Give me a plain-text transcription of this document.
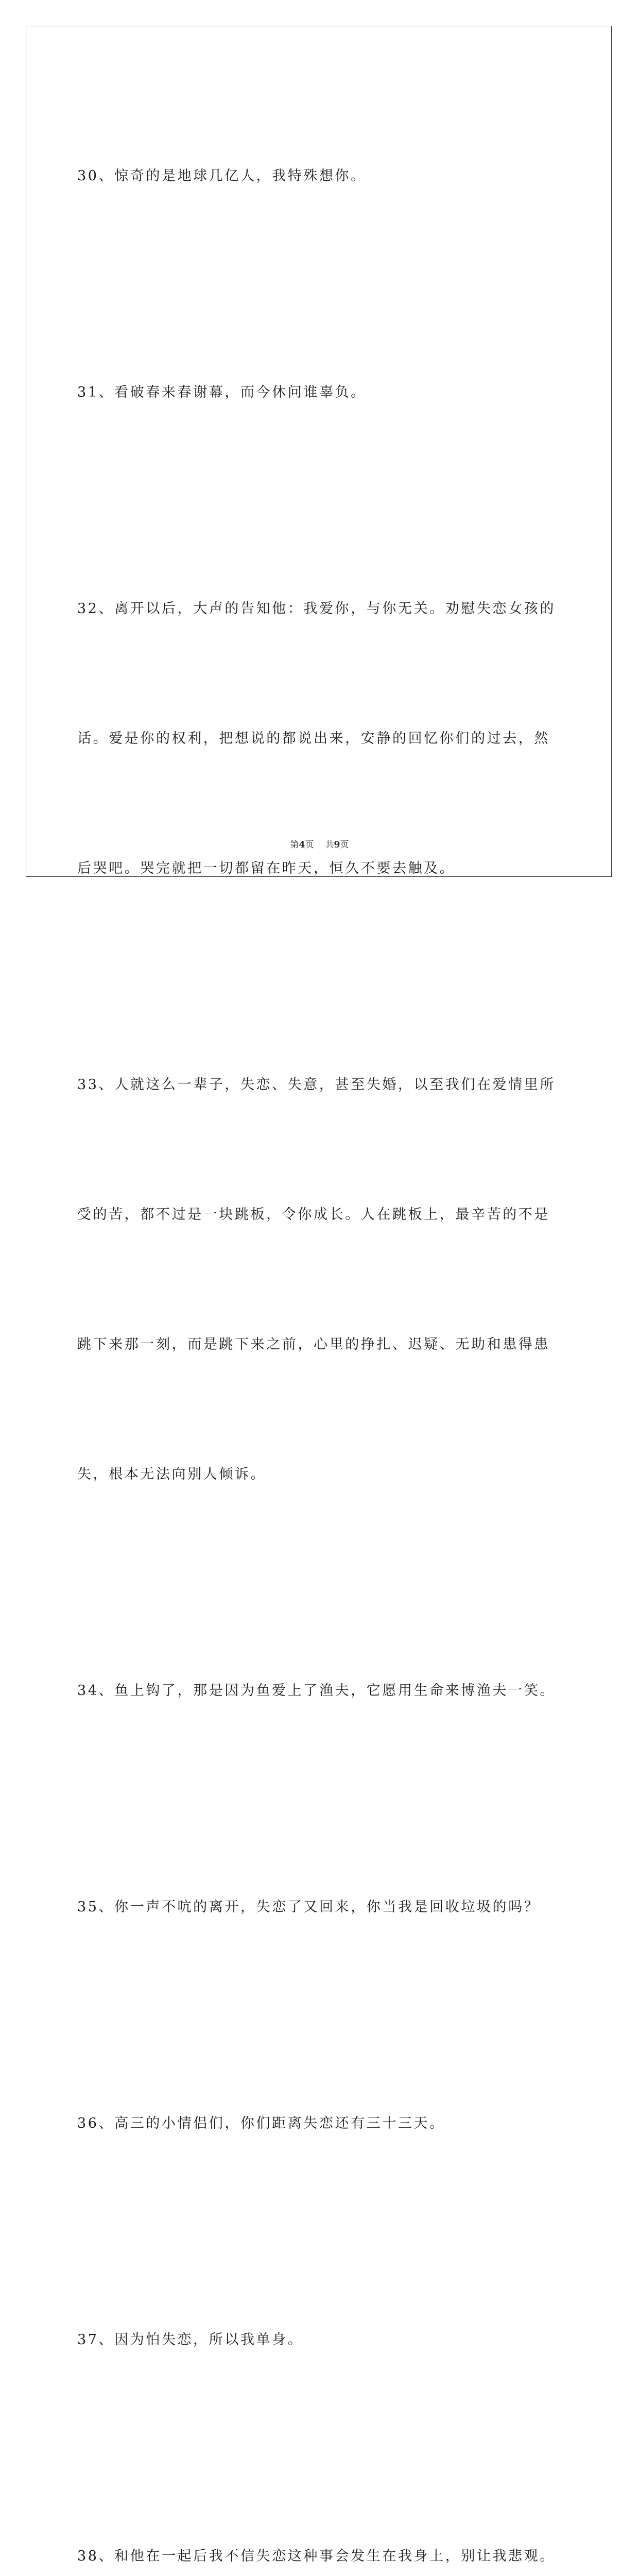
30、惊奇的是地球几亿人，我特殊想你。

31、看破春来春谢幕，而今休问谁辜负。

32、离开以后，大声的告知他：我爱你，与你无关。劝慰失恋女孩的

话。爱是你的权利，把想说的都说出来，安静的回忆你们的过去，然

后哭吧。哭完就把一切都留在昨天，恒久不要去触及。

33、人就这么一辈子，失恋、失意，甚至失婚，以至我们在爱情里所

受的苦，都不过是一块跳板，令你成长。人在跳板上，最辛苦的不是

跳下来那一刻，而是跳下来之前，心里的挣扎、迟疑、无助和患得患

失，根本无法向别人倾诉。

34、鱼上钩了，那是因为鱼爱上了渔夫，它愿用生命来博渔夫一笑。

35、你一声不吭的离开，失恋了又回来，你当我是回收垃圾的吗？

36、高三的小情侣们，你们距离失恋还有三十三天。

37、因为怕失恋，所以我单身。

38、和他在一起后我不信失恋这种事会发生在我身上，别让我悲观。

第4页 共9页
